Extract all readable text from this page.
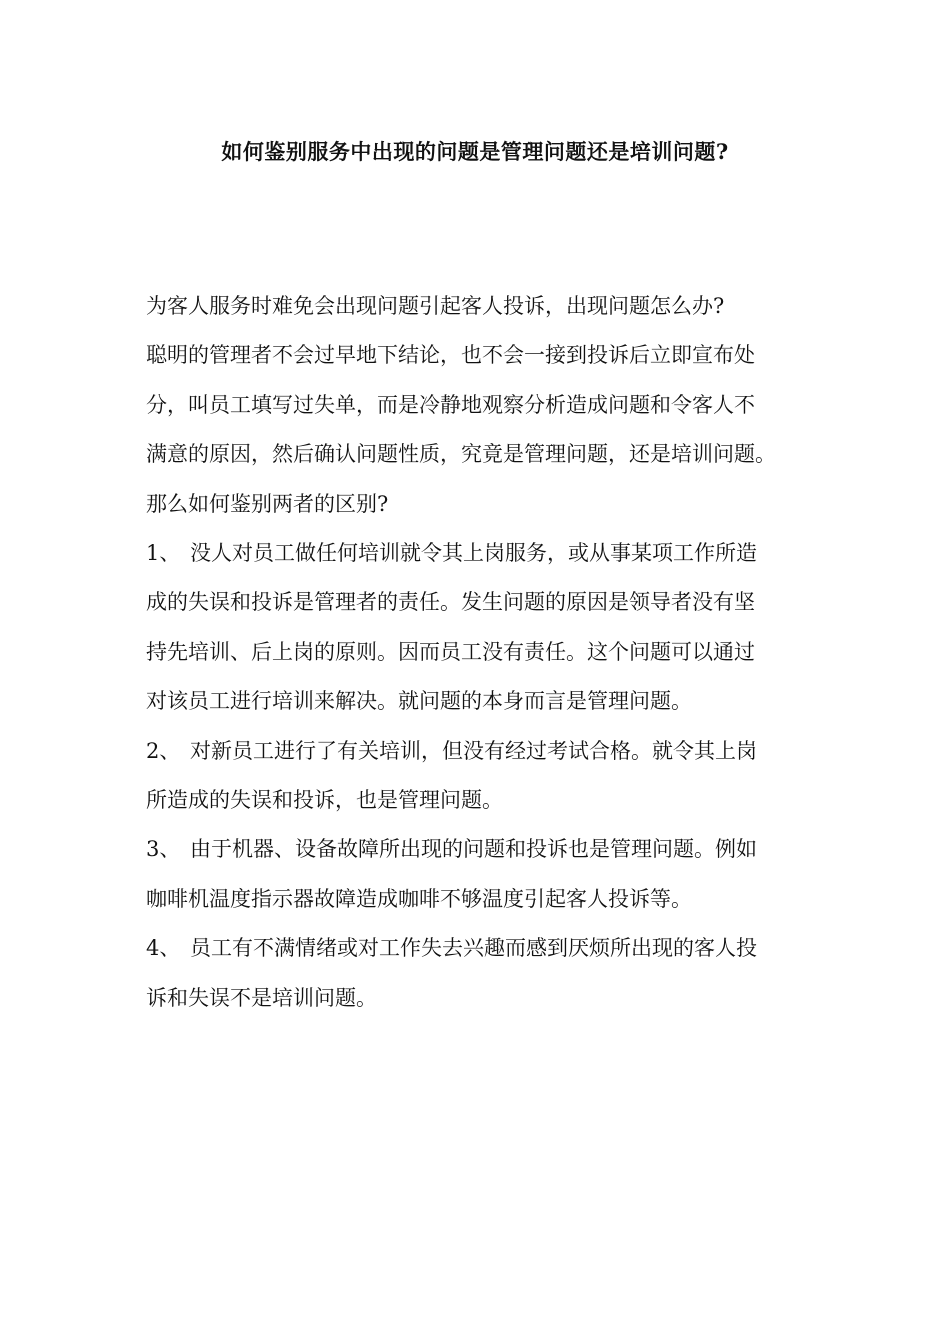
如何鉴别服务中出现的问题是管理问题还是培训问题?
为客人服务时难免会出现问题引起客人投诉，出现问题怎么办?
聪明的管理者不会过早地下结论，也不会一接到投诉后立即宣布处
分，叫员工填写过失单，而是冷静地观察分析造成问题和令客人不
满意的原因，然后确认问题性质，究竟是管理问题，还是培训问题。
那么如何鉴别两者的区别?
1、 没人对员工做任何培训就令其上岗服务，或从事某项工作所造
成的失误和投诉是管理者的责任。发生问题的原因是领导者没有坚
持先培训、后上岗的原则。因而员工没有责任。这个问题可以通过
对该员工进行培训来解决。就问题的本身而言是管理问题。
2、 对新员工进行了有关培训，但没有经过考试合格。就令其上岗
所造成的失误和投诉，也是管理问题。
3、 由于机器、设备故障所出现的问题和投诉也是管理问题。例如
咖啡机温度指示器故障造成咖啡不够温度引起客人投诉等。
4、 员工有不满情绪或对工作失去兴趣而感到厌烦所出现的客人投
诉和失误不是培训问题。
